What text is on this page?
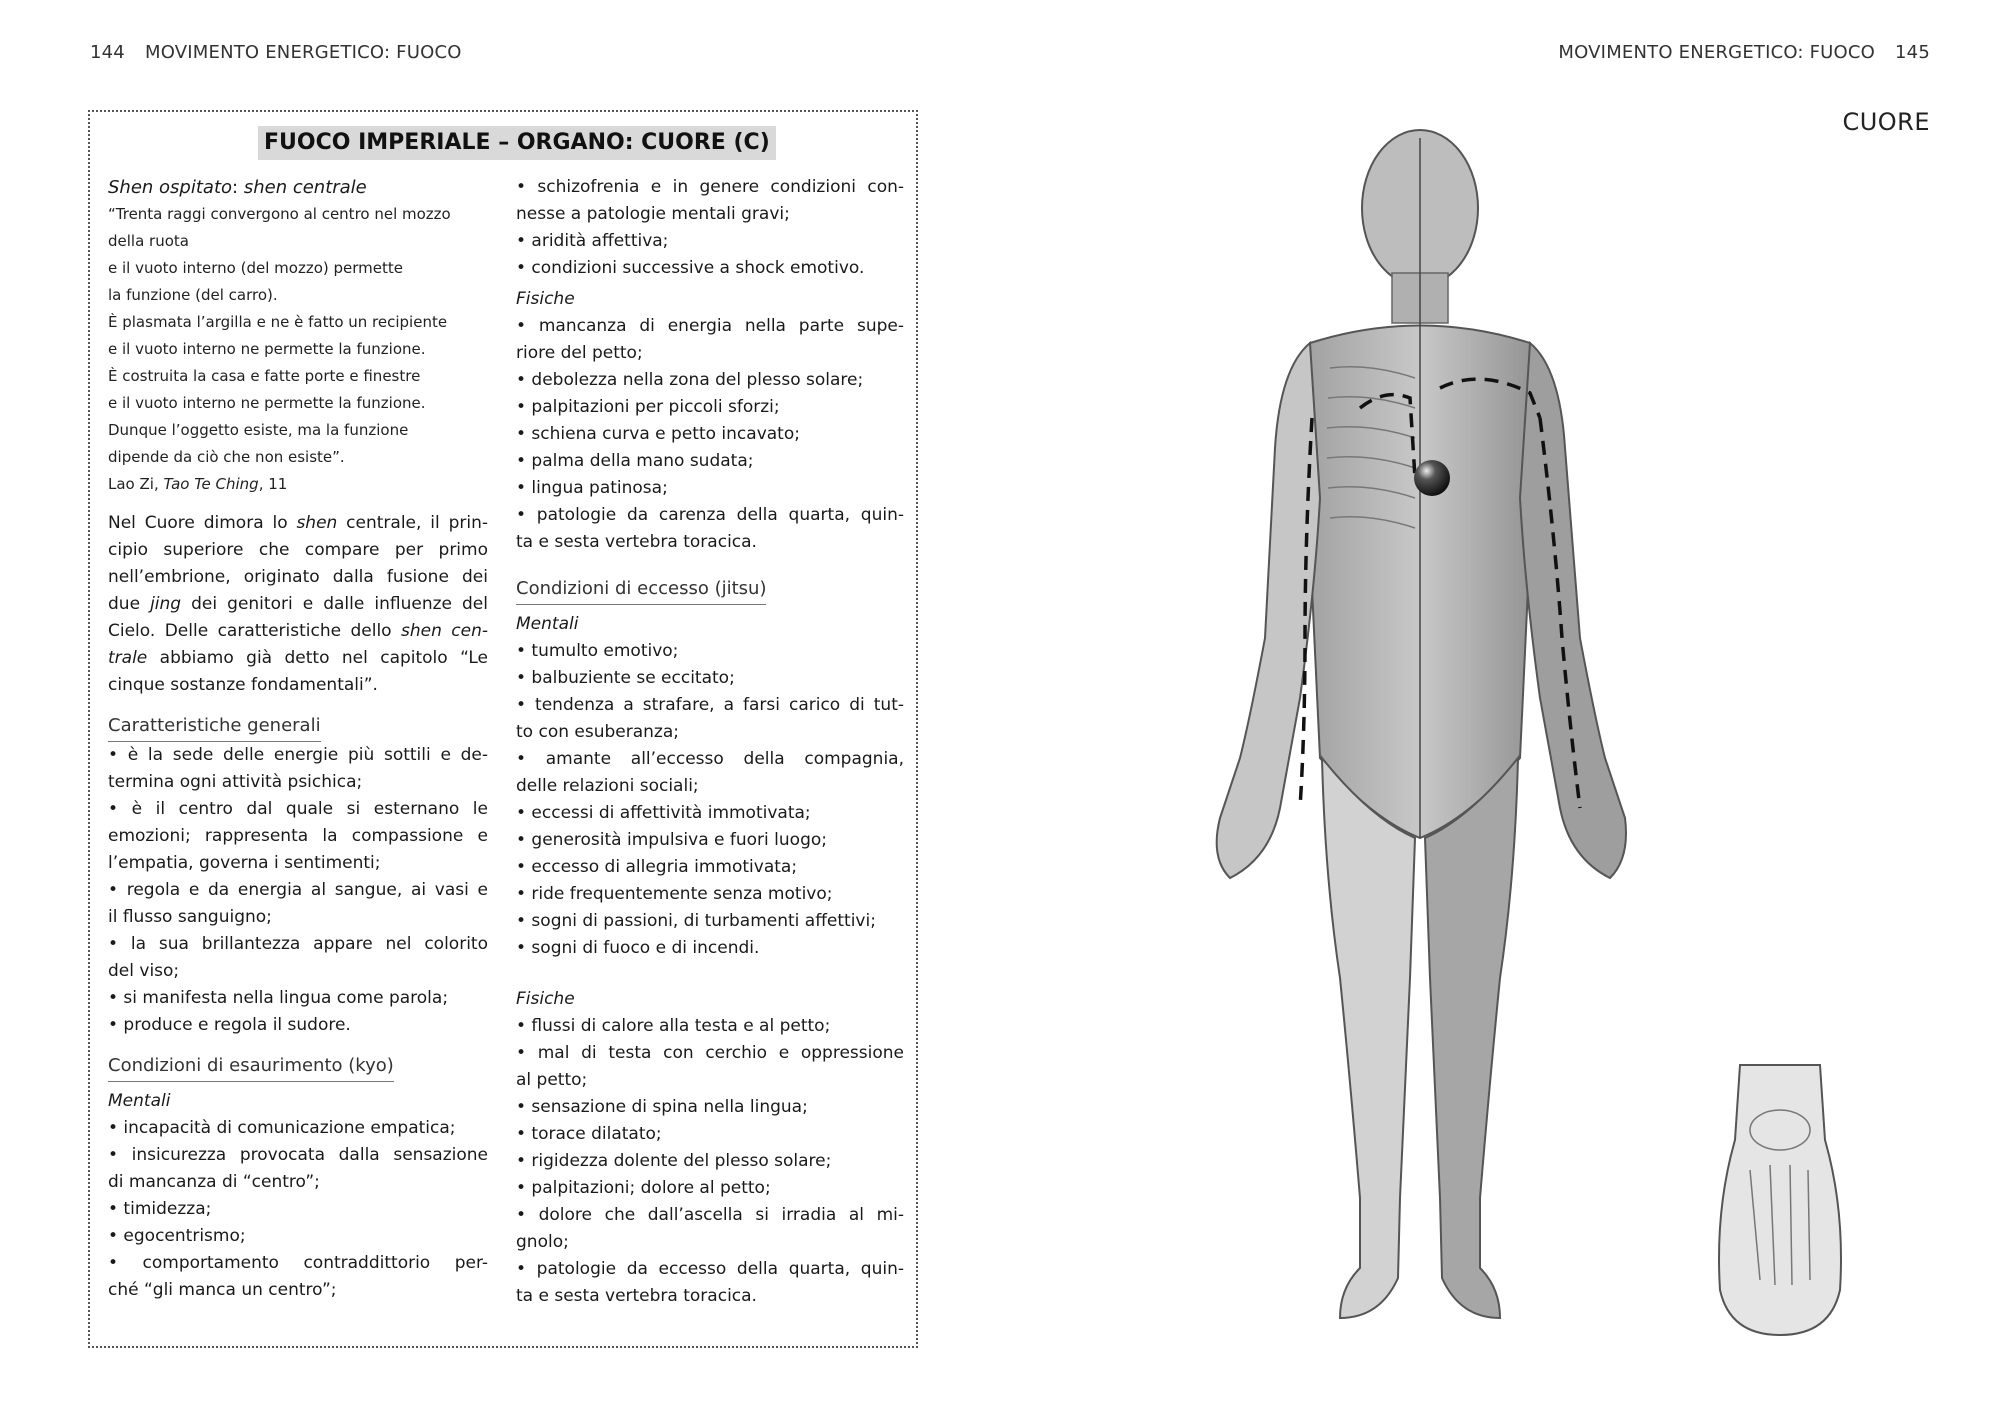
144 MOVIMENTO ENERGETICO: FUOCO	MOVIMENTO ENERGETICO: FUOCO 145
FUOCO IMPERIALE – ORGANO: CUORE (C)
Shen ospitato: shen centrale
“Trenta raggi convergono al centro nel mozzo
della ruota
e il vuoto interno (del mozzo) permette
la funzione (del carro).
È plasmata l’argilla e ne è fatto un recipiente
e il vuoto interno ne permette la funzione.
È costruita la casa e fatte porte e finestre
e il vuoto interno ne permette la funzione.
Dunque l’oggetto esiste, ma la funzione
dipende da ciò che non esiste”.
Lao Zi, Tao Te Ching, 11
Nel Cuore dimora lo shen centrale, il prin-
cipio superiore che compare per primo
nell’embrione, originato dalla fusione dei
due jing dei genitori e dalle influenze del
Cielo. Delle caratteristiche dello shen cen-
trale abbiamo già detto nel capitolo “Le
cinque sostanze fondamentali”.
Caratteristiche generali
• è la sede delle energie più sottili e de-
termina ogni attività psichica;
• è il centro dal quale si esternano le
emozioni; rappresenta la compassione e
l’empatia, governa i sentimenti;
• regola e da energia al sangue, ai vasi e
il flusso sanguigno;
• la sua brillantezza appare nel colorito
del viso;
• si manifesta nella lingua come parola;
• produce e regola il sudore.
Condizioni di esaurimento (kyo)
Mentali
• incapacità di comunicazione empatica;
• insicurezza provocata dalla sensazione
di mancanza di “centro”;
• timidezza;
• egocentrismo;
• comportamento contraddittorio per-
ché “gli manca un centro”;
• schizofrenia e in genere condizioni con-
nesse a patologie mentali gravi;
• aridità affettiva;
• condizioni successive a shock emotivo.
Fisiche
• mancanza di energia nella parte supe-
riore del petto;
• debolezza nella zona del plesso solare;
• palpitazioni per piccoli sforzi;
• schiena curva e petto incavato;
• palma della mano sudata;
• lingua patinosa;
• patologie da carenza della quarta, quin-
ta e sesta vertebra toracica.
Condizioni di eccesso (jitsu)
Mentali
• tumulto emotivo;
• balbuziente se eccitato;
• tendenza a strafare, a farsi carico di tut-
to con esuberanza;
• amante all’eccesso della compagnia,
delle relazioni sociali;
• eccessi di affettività immotivata;
• generosità impulsiva e fuori luogo;
• eccesso di allegria immotivata;
• ride frequentemente senza motivo;
• sogni di passioni, di turbamenti affettivi;
• sogni di fuoco e di incendi.
Fisiche
• flussi di calore alla testa e al petto;
• mal di testa con cerchio e oppressione
al petto;
• sensazione di spina nella lingua;
• torace dilatato;
• rigidezza dolente del plesso solare;
• palpitazioni; dolore al petto;
• dolore che dall’ascella si irradia al mi-
gnolo;
• patologie da eccesso della quarta, quin-
ta e sesta vertebra toracica.
CUORE
